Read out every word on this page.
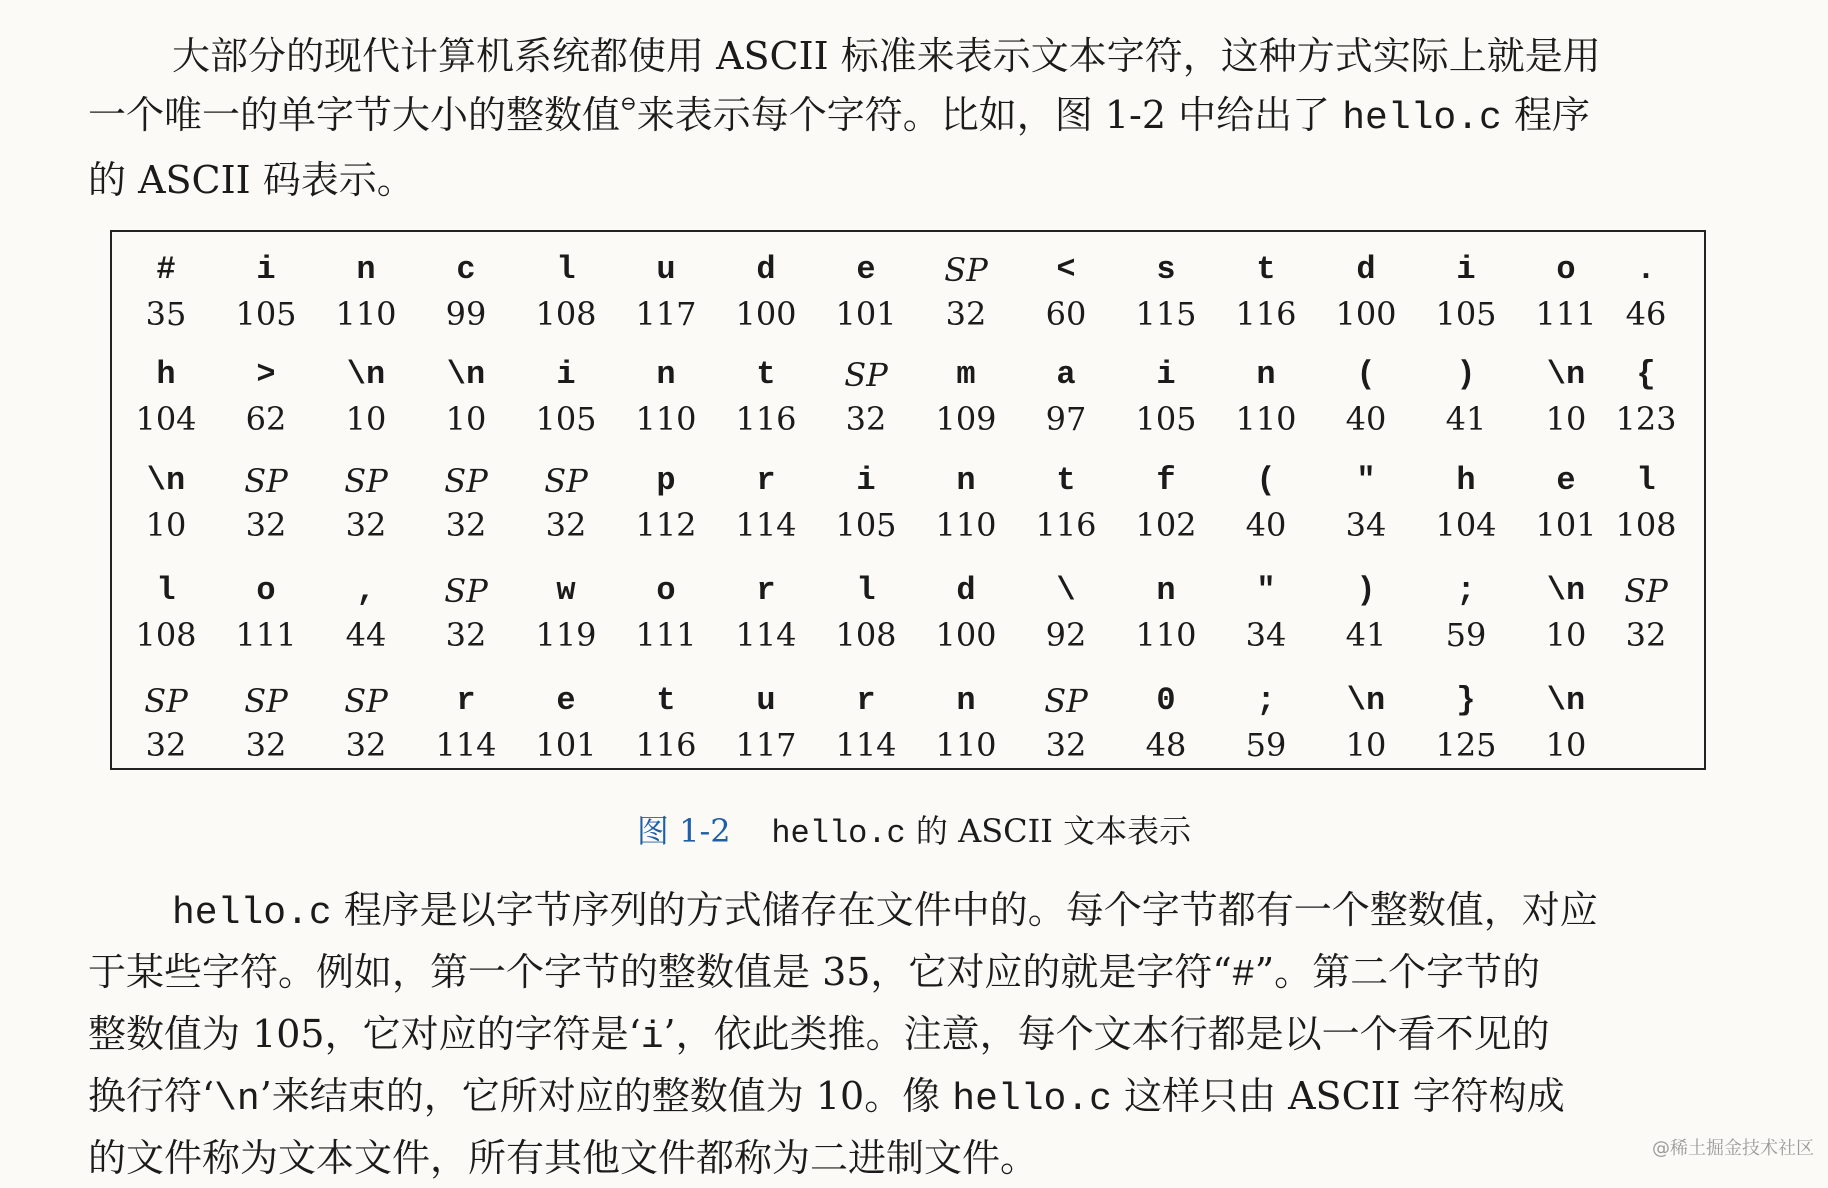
大部分的现代计算机系统都使用 ASCII 标准来表示文本字符，这种方式实际上就是用
一个唯一的单字节大小的整数值⊖来表示每个字符。比如，图 1-2 中给出了 hello.c 程序
的 ASCII 码表示。
#
35
i
105
n
110
c
99
l
108
u
117
d
100
e
101
SP
32
<
60
s
115
t
116
d
100
i
105
o
111
.
46
h
104
>
62
\n
10
\n
10
i
105
n
110
t
116
SP
32
m
109
a
97
i
105
n
110
(
40
)
41
\n
10
{
123
\n
10
SP
32
SP
32
SP
32
SP
32
p
112
r
114
i
105
n
110
t
116
f
102
(
40
"
34
h
104
e
101
l
108
l
108
o
111
,
44
SP
32
w
119
o
111
r
114
l
108
d
100
\
92
n
110
"
34
)
41
;
59
\n
10
SP
32
SP
32
SP
32
SP
32
r
114
e
101
t
116
u
117
r
114
n
110
SP
32
0
48
;
59
\n
10
}
125
\n
10
图 1-2 hello.c 的 ASCII 文本表示
hello.c 程序是以字节序列的方式储存在文件中的。每个字节都有一个整数值，对应
于某些字符。例如，第一个字节的整数值是 35，它对应的就是字符“#”。第二个字节的
整数值为 105，它对应的字符是‘i’，依此类推。注意，每个文本行都是以一个看不见的
换行符‘\n’来结束的，它所对应的整数值为 10。像 hello.c 这样只由 ASCII 字符构成
的文件称为文本文件，所有其他文件都称为二进制文件。	@稀土掘金技术社区
